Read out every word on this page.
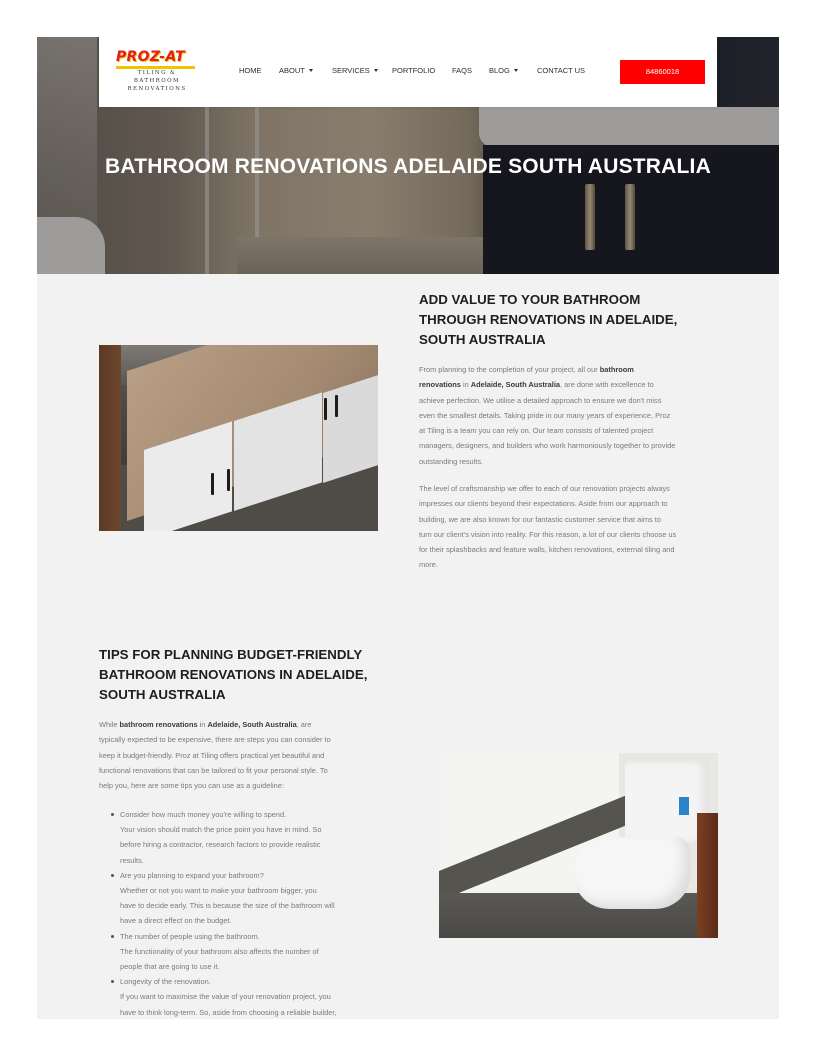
BATHROOM RENOVATIONS ADELAIDE SOUTH AUSTRALIA
PROZ-AT
TILING &
BATHROOM
RENOVATIONS
HOME ABOUT	SERVICES	PORTFOLIO FAQS BLOG	CONTACT US	84860018
ADD VALUE TO YOUR BATHROOM
THROUGH RENOVATIONS IN ADELAIDE,
SOUTH AUSTRALIA
From planning to the completion of your project, all our bathroom
renovations in Adelaide, South Australia, are done with excellence to
achieve perfection. We utilise a detailed approach to ensure we don't miss
even the smallest details. Taking pride in our many years of experience, Proz
at Tiling is a team you can rely on. Our team consists of talented project
managers, designers, and builders who work harmoniously together to provide
outstanding results.
The level of craftsmanship we offer to each of our renovation projects always
impresses our clients beyond their expectations. Aside from our approach to
building, we are also known for our fantastic customer service that aims to
turn our client's vision into reality. For this reason, a lot of our clients choose us
for their splashbacks and feature walls, kitchen renovations, external tiling and
more.
TIPS FOR PLANNING BUDGET-FRIENDLY
BATHROOM RENOVATIONS IN ADELAIDE,
SOUTH AUSTRALIA
While bathroom renovations in Adelaide, South Australia, are
typically expected to be expensive, there are steps you can consider to
keep it budget-friendly. Proz at Tiling offers practical yet beautiful and
functional renovations that can be tailored to fit your personal style. To
help you, here are some tips you can use as a guideline:
Consider how much money you're willing to spend.
Your vision should match the price point you have in mind. So
before hiring a contractor, research factors to provide realistic
results.
Are you planning to expand your bathroom?
Whether or not you want to make your bathroom bigger, you
have to decide early. This is because the size of the bathroom will
have a direct effect on the budget.
The number of people using the bathroom.
The functionality of your bathroom also affects the number of
people that are going to use it.
Longevity of the renovation.
If you want to maximise the value of your renovation project, you
have to think long-term. So, aside from choosing a reliable builder,
